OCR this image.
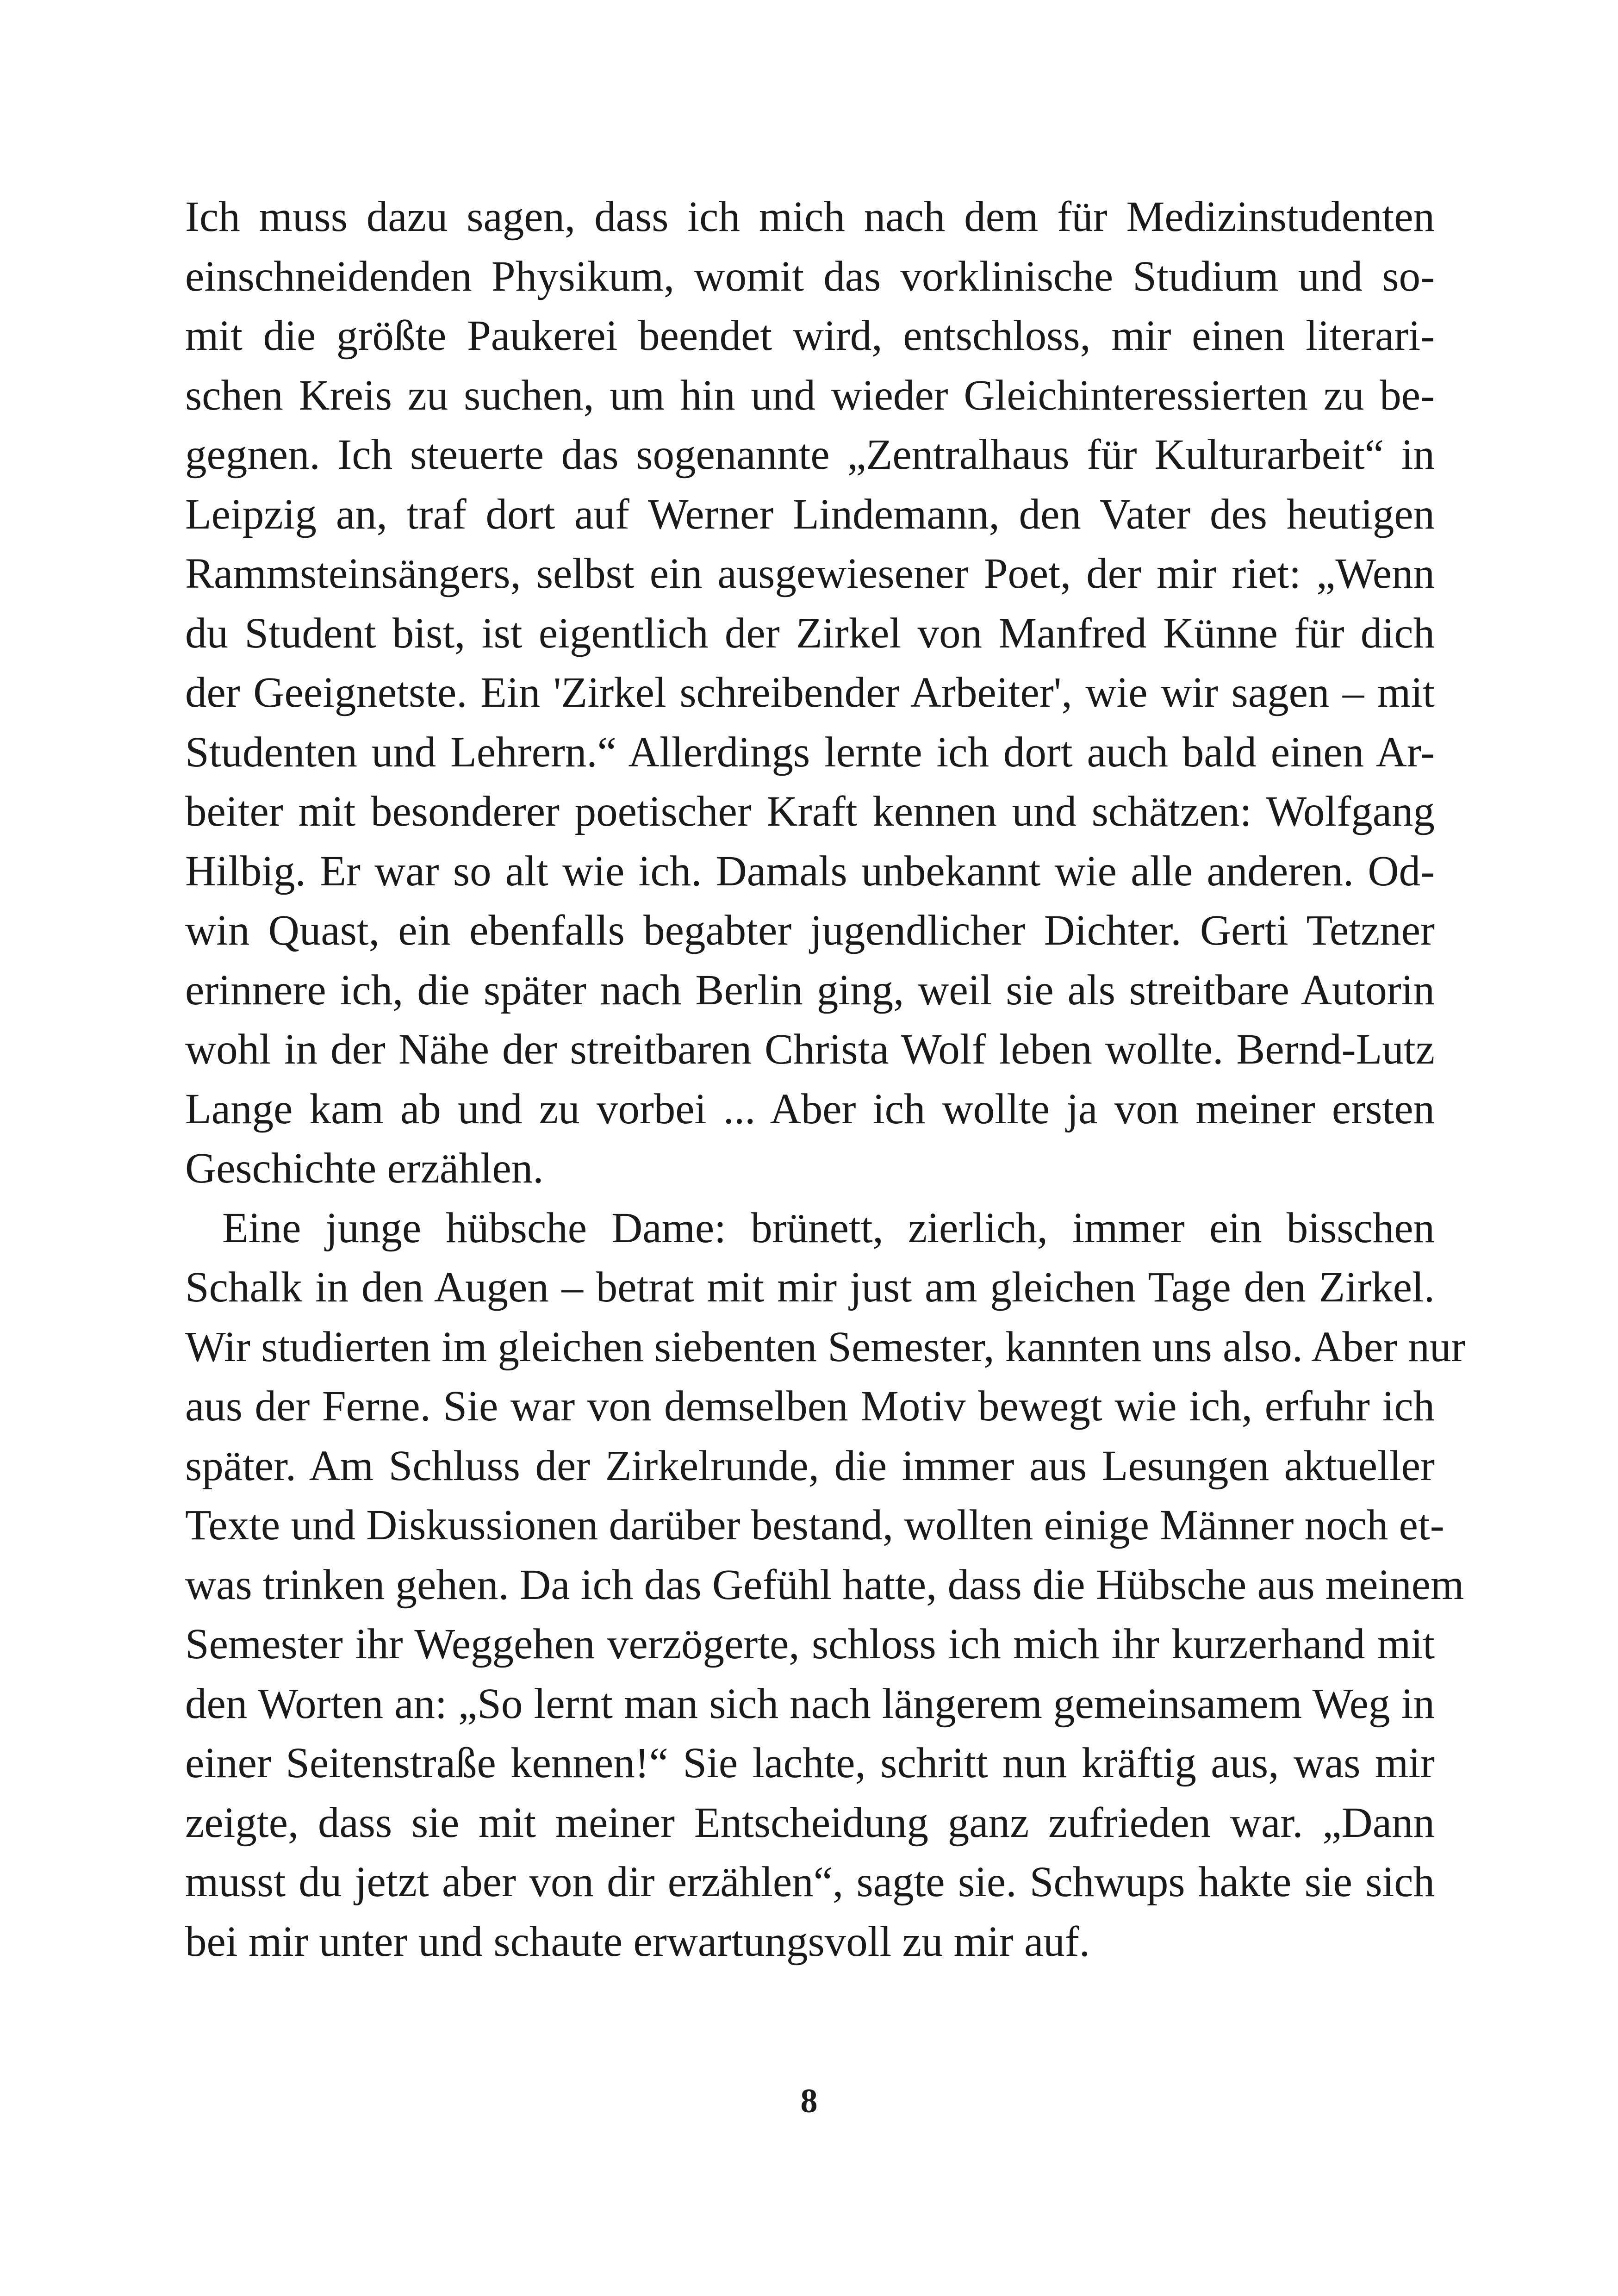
Ich muss dazu sagen, dass ich mich nach dem für Medizinstudenten
einschneidenden Physikum, womit das vorklinische Studium und so-
mit die größte Paukerei beendet wird, entschloss, mir einen literari-
schen Kreis zu suchen, um hin und wieder Gleichinteressierten zu be-
gegnen. Ich steuerte das sogenannte „Zentralhaus für Kulturarbeit“ in
Leipzig an, traf dort auf Werner Lindemann, den Vater des heutigen
Rammsteinsängers, selbst ein ausgewiesener Poet, der mir riet: „Wenn
du Student bist, ist eigentlich der Zirkel von Manfred Künne für dich
der Geeignetste. Ein 'Zirkel schreibender Arbeiter', wie wir sagen – mit
Studenten und Lehrern.“ Allerdings lernte ich dort auch bald einen Ar-
beiter mit besonderer poetischer Kraft kennen und schätzen: Wolfgang
Hilbig. Er war so alt wie ich. Damals unbekannt wie alle anderen. Od-
win Quast, ein ebenfalls begabter jugendlicher Dichter. Gerti Tetzner
erinnere ich, die später nach Berlin ging, weil sie als streitbare Autorin
wohl in der Nähe der streitbaren Christa Wolf leben wollte. Bernd-Lutz
Lange kam ab und zu vorbei ... Aber ich wollte ja von meiner ersten
Geschichte erzählen.
Eine junge hübsche Dame: brünett, zierlich, immer ein bisschen
Schalk in den Augen – betrat mit mir just am gleichen Tage den Zirkel.
Wir studierten im gleichen siebenten Semester, kannten uns also. Aber nur
aus der Ferne. Sie war von demselben Motiv bewegt wie ich, erfuhr ich
später. Am Schluss der Zirkelrunde, die immer aus Lesungen aktueller
Texte und Diskussionen darüber bestand, wollten einige Männer noch et-
was trinken gehen. Da ich das Gefühl hatte, dass die Hübsche aus meinem
Semester ihr Weggehen verzögerte, schloss ich mich ihr kurzerhand mit
den Worten an: „So lernt man sich nach längerem gemeinsamem Weg in
einer Seitenstraße kennen!“ Sie lachte, schritt nun kräftig aus, was mir
zeigte, dass sie mit meiner Entscheidung ganz zufrieden war. „Dann
musst du jetzt aber von dir erzählen“, sagte sie. Schwups hakte sie sich
bei mir unter und schaute erwartungsvoll zu mir auf.
8
